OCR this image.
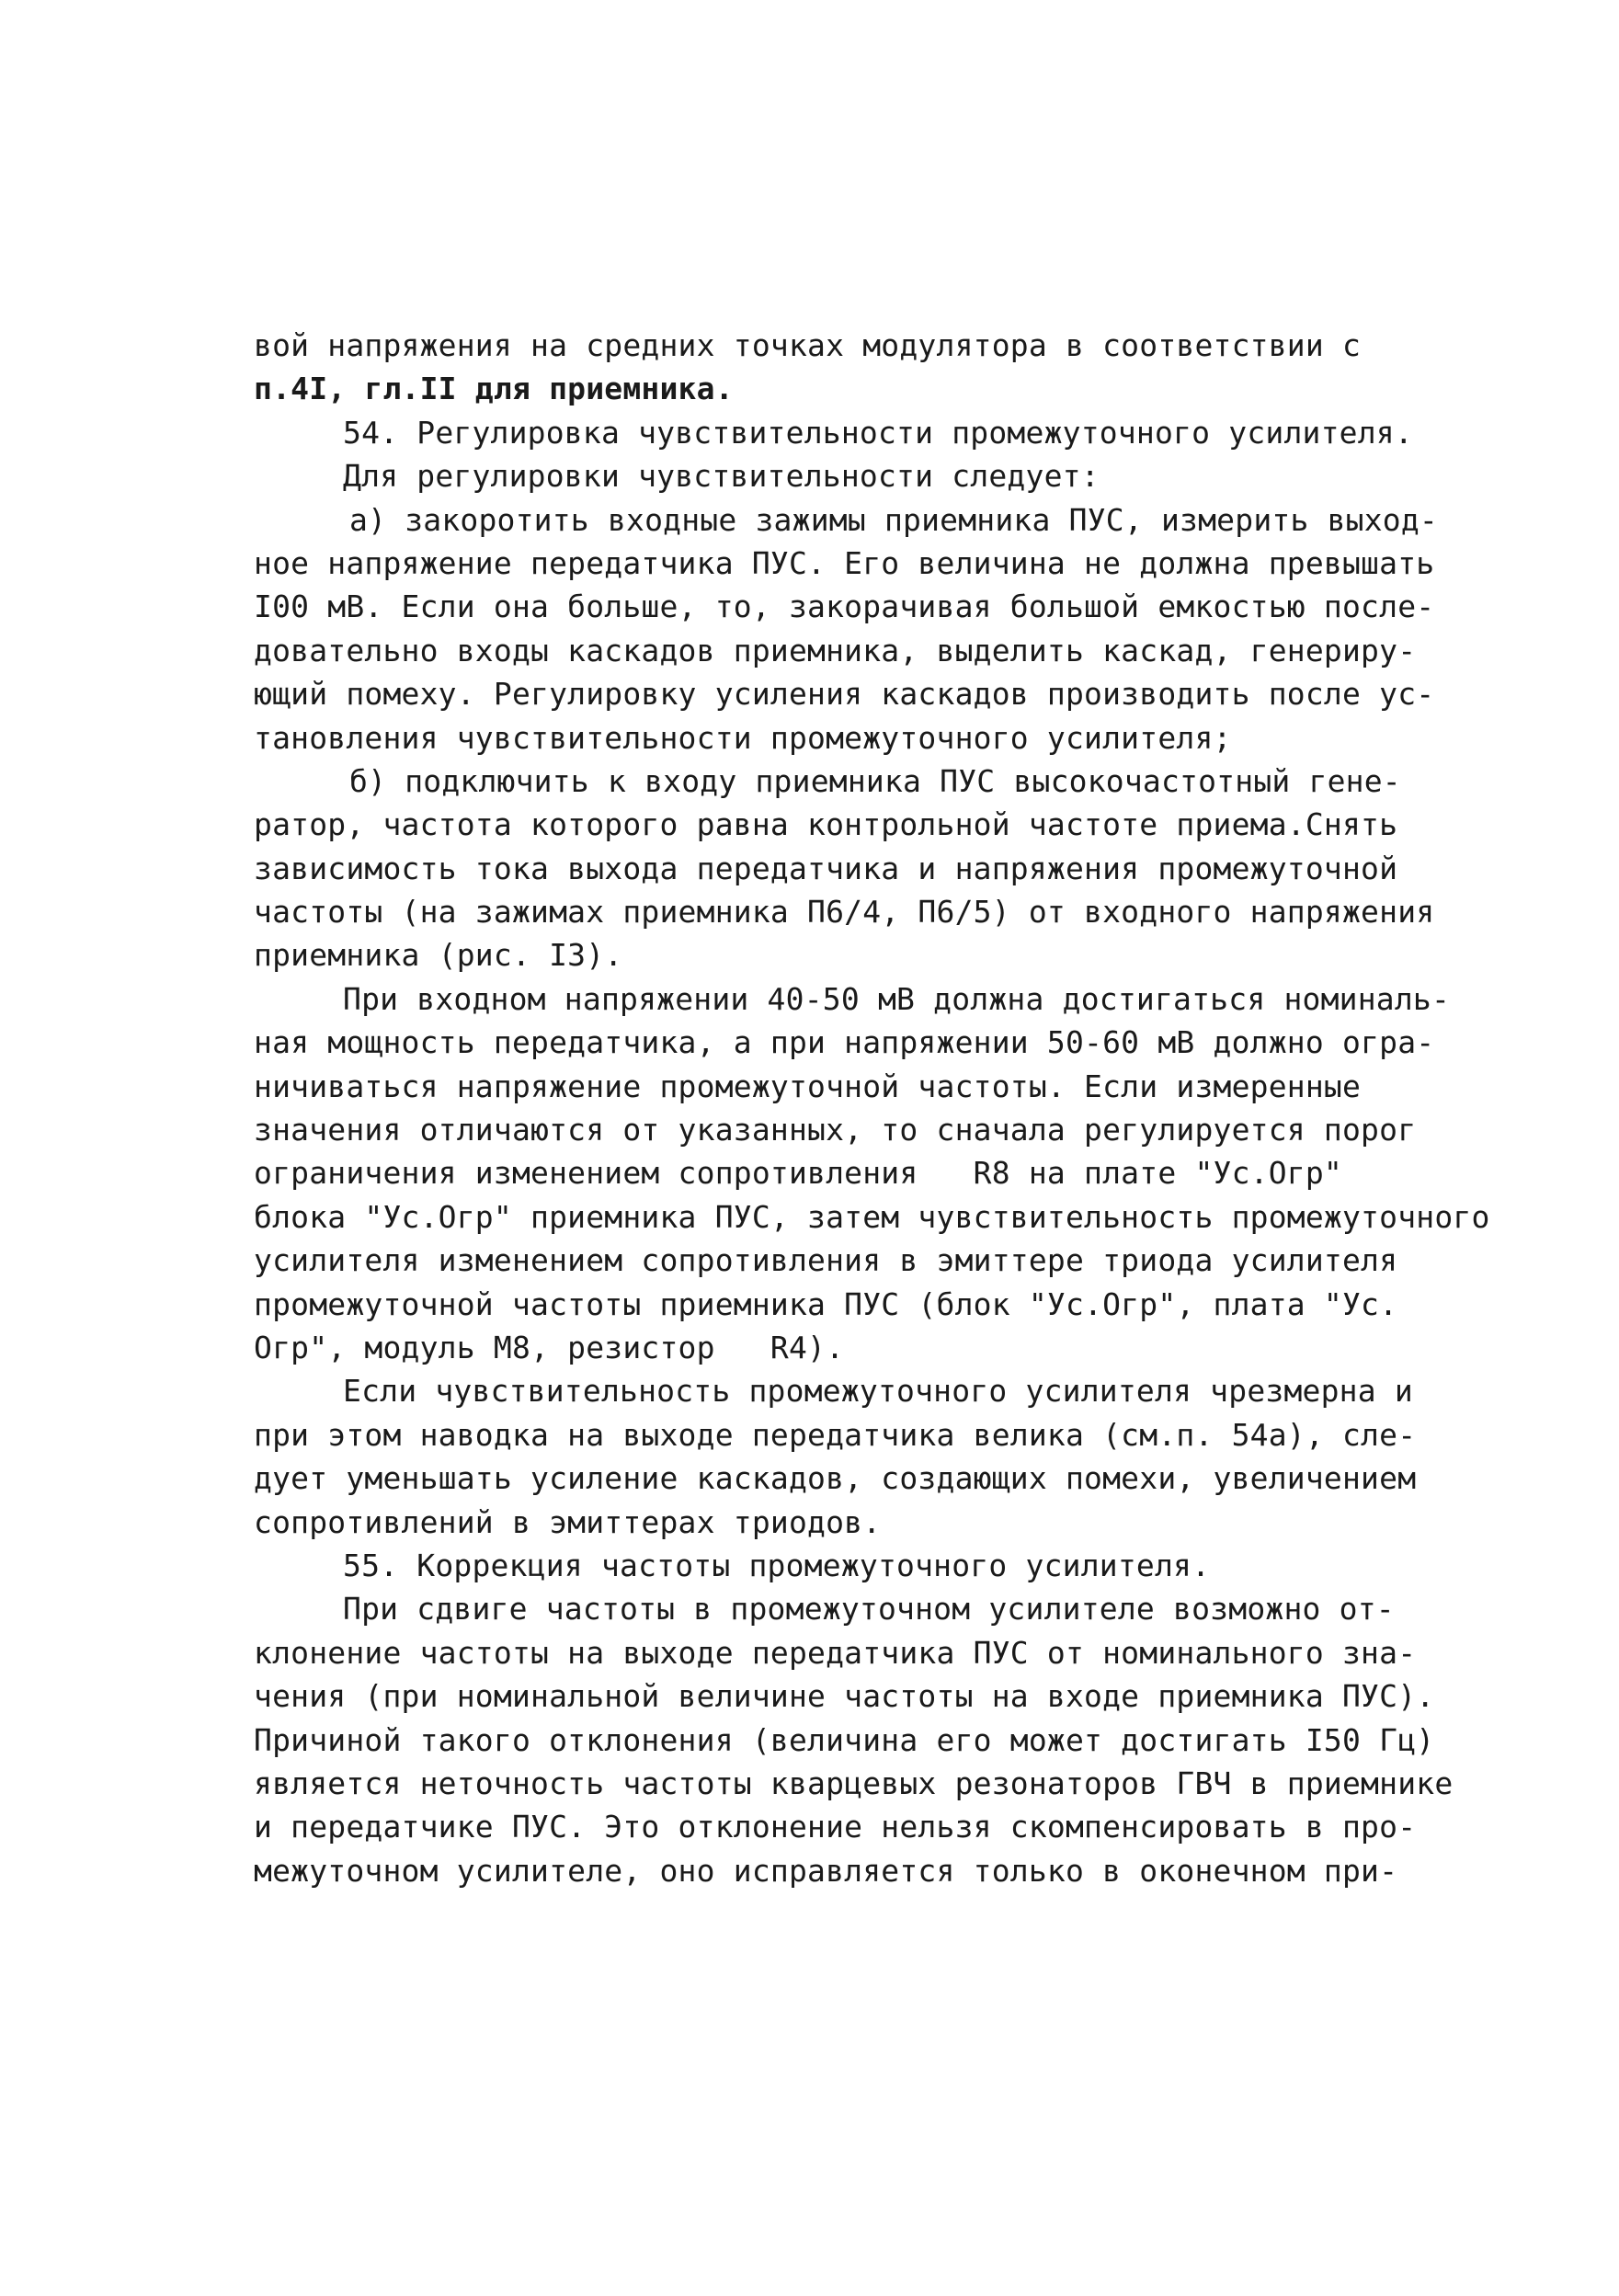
вой напряжения на средних точках модулятора в соответствии с
п.4I, гл.II для приемника.
54. Регулировка чувствительности промежуточного усилителя.
Для регулировки чувствительности следует:
а) закоротить входные зажимы приемника ПУС, измерить выход-
ное напряжение передатчика ПУС. Его величина не должна превышать
I00 мВ. Если она больше, то, закорачивая большой емкостью после-
довательно входы каскадов приемника, выделить каскад, генериру-
ющий помеху. Регулировку усиления каскадов производить после ус-
тановления чувствительности промежуточного усилителя;
б) подключить к входу приемника ПУС высокочастотный гене-
ратор, частота которого равна контрольной частоте приема.Снять
зависимость тока выхода передатчика и напряжения промежуточной
частоты (на зажимах приемника П6/4, П6/5) от входного напряжения
приемника (рис. I3).
При входном напряжении 40-50 мВ должна достигаться номиналь-
ная мощность передатчика, а при напряжении 50-60 мВ должно огра-
ничиваться напряжение промежуточной частоты. Если измеренные
значения отличаются от указанных, то сначала регулируется порог
ограничения изменением сопротивления   R8 на плате "Ус.Огр"
блока "Ус.Огр" приемника ПУС, затем чувствительность промежуточного
усилителя изменением сопротивления в эмиттере триода усилителя
промежуточной частоты приемника ПУС (блок "Ус.Огр", плата "Ус.
Огр", модуль М8, резистор   R4).
Если чувствительность промежуточного усилителя чрезмерна и
при этом наводка на выходе передатчика велика (см.п. 54а), сле-
дует уменьшать усиление каскадов, создающих помехи, увеличением
сопротивлений в эмиттерах триодов.
55. Коррекция частоты промежуточного усилителя.
При сдвиге частоты в промежуточном усилителе возможно от-
клонение частоты на выходе передатчика ПУС от номинального зна-
чения (при номинальной величине частоты на входе приемника ПУС).
Причиной такого отклонения (величина его может достигать I50 Гц)
является неточность частоты кварцевых резонаторов ГВЧ в приемнике
и передатчике ПУС. Это отклонение нельзя скомпенсировать в про-
межуточном усилителе, оно исправляется только в оконечном при-
